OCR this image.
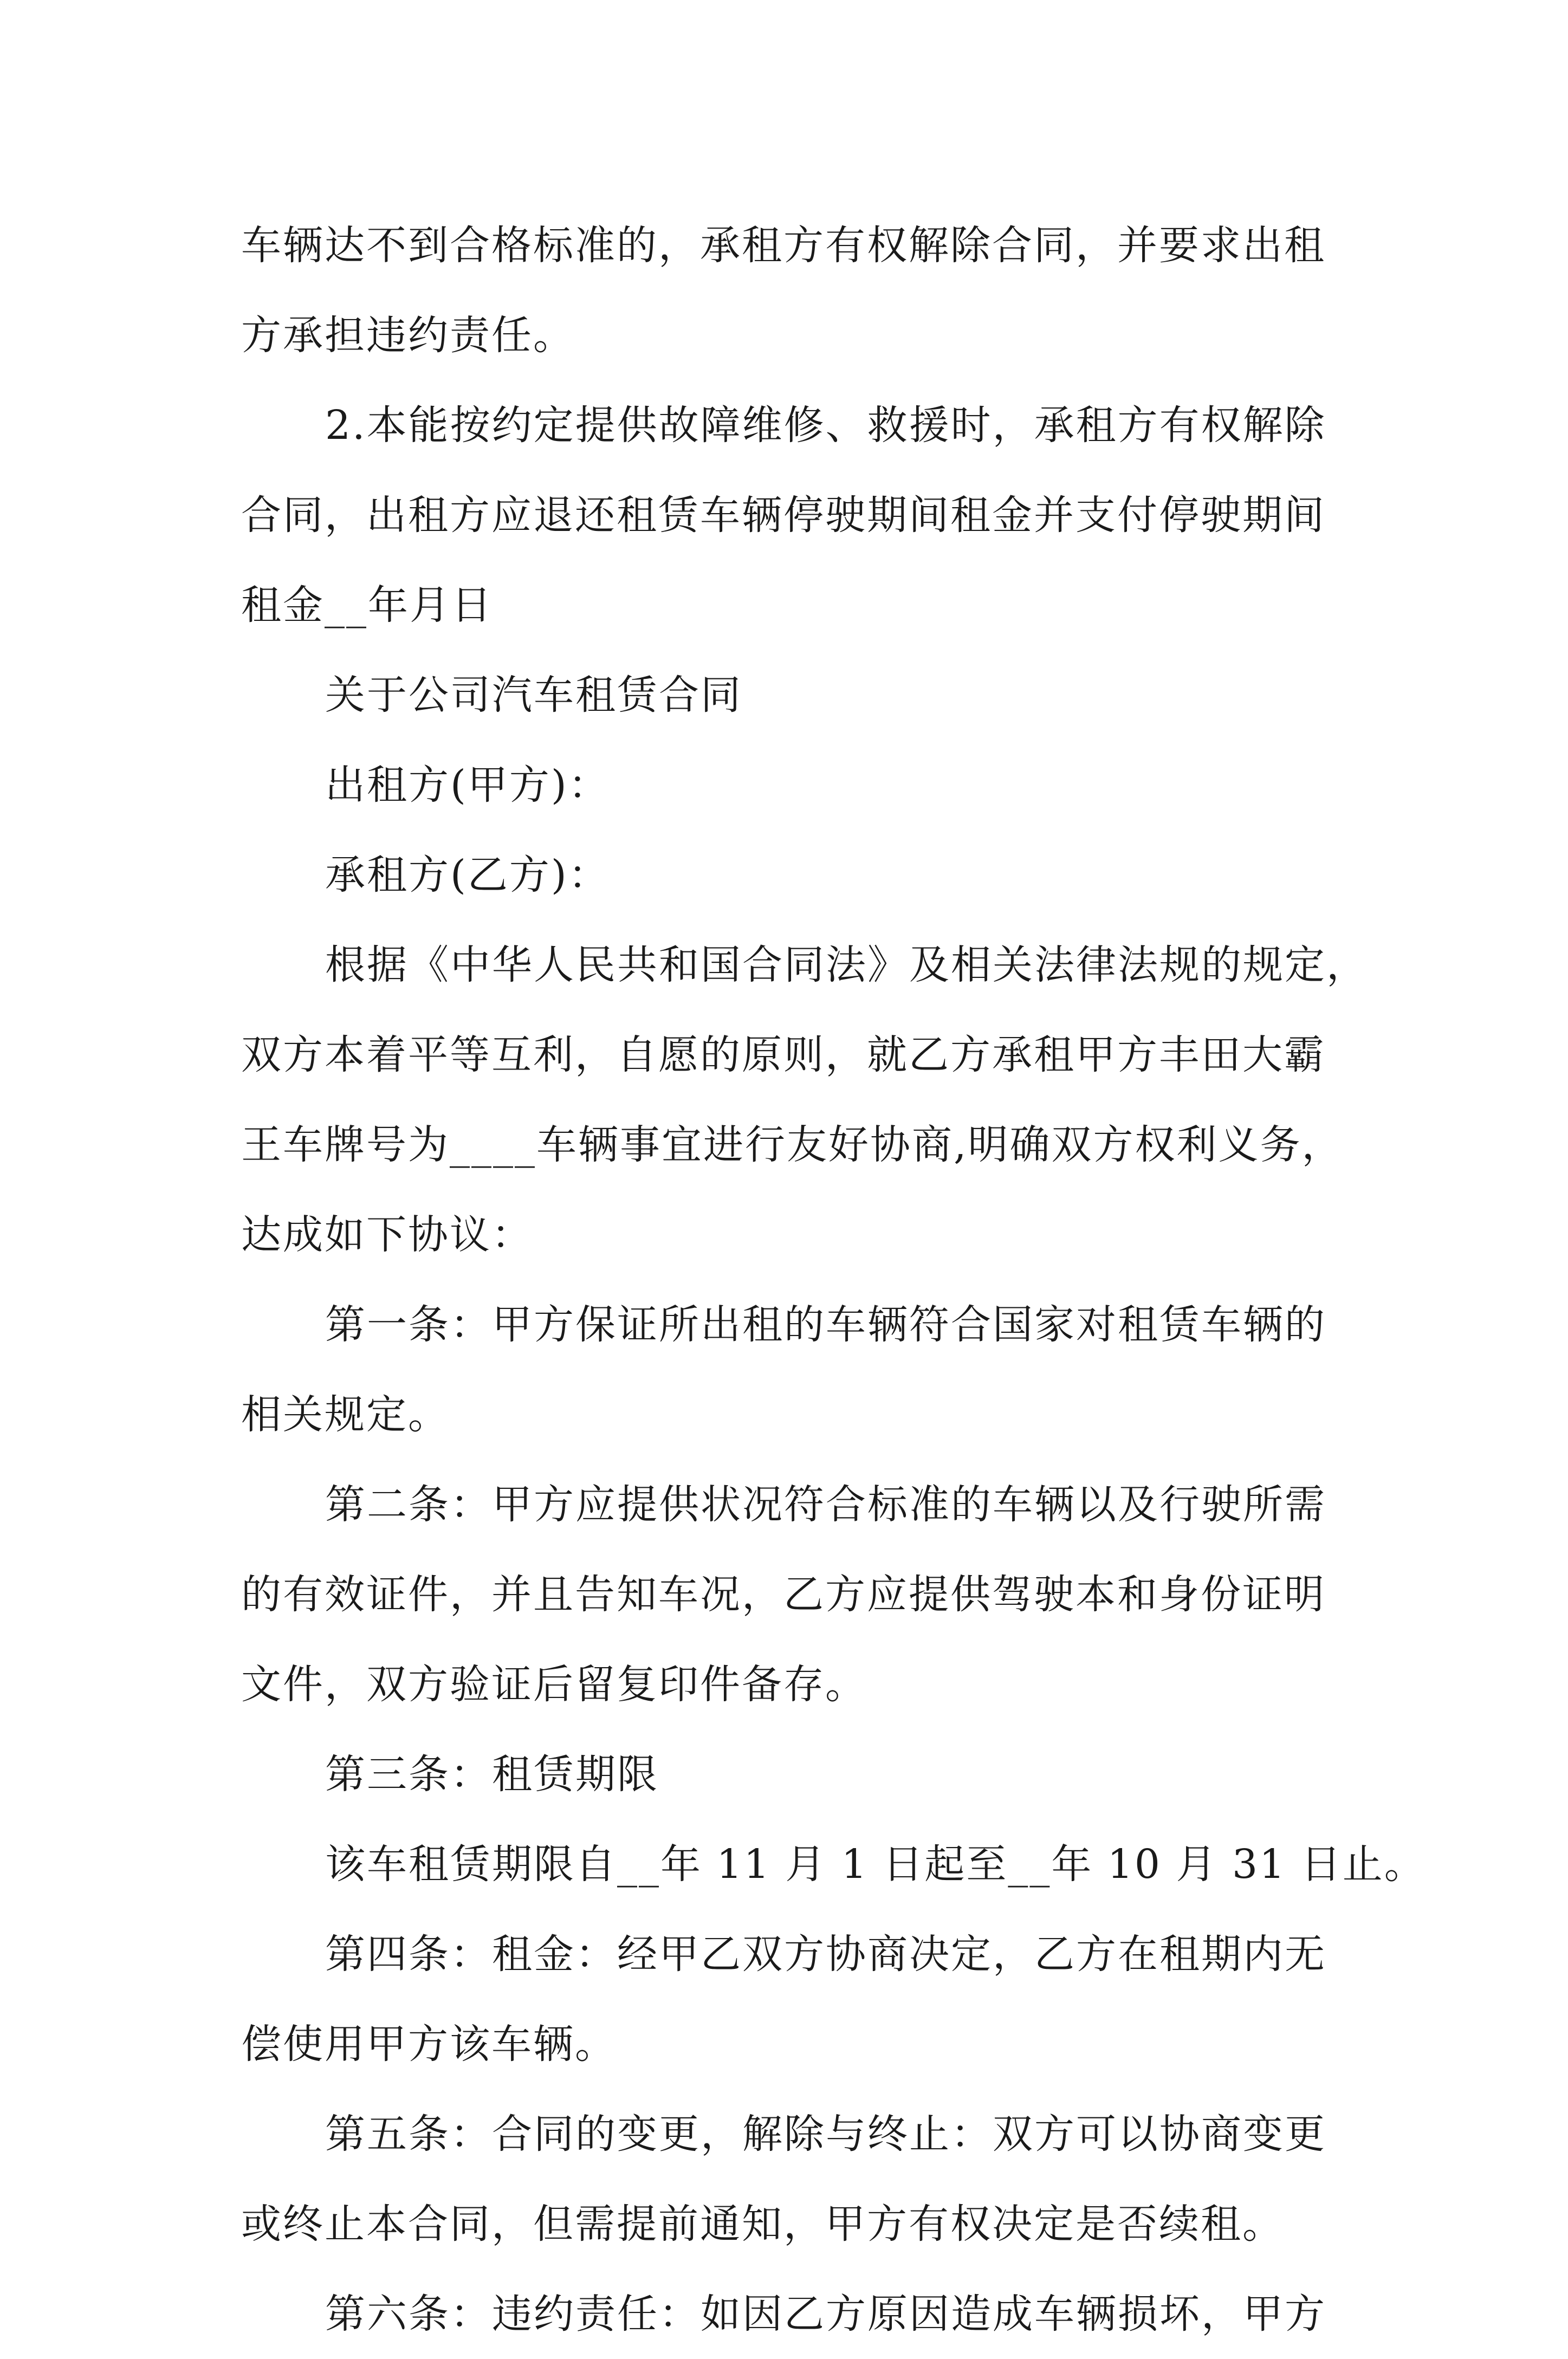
车辆达不到合格标准的，承租方有权解除合同，并要求出租
方承担违约责任。
2.本能按约定提供故障维修、救援时，承租方有权解除
合同，出租方应退还租赁车辆停驶期间租金并支付停驶期间
租金__年月日
关于公司汽车租赁合同
出租方(甲方)：
承租方(乙方)：
根据《中华人民共和国合同法》及相关法律法规的规定，
双方本着平等互利，自愿的原则，就乙方承租甲方丰田大霸
王车牌号为____车辆事宜进行友好协商,明确双方权利义务，
达成如下协议：
第一条：甲方保证所出租的车辆符合国家对租赁车辆的
相关规定。
第二条：甲方应提供状况符合标准的车辆以及行驶所需
的有效证件，并且告知车况，乙方应提供驾驶本和身份证明
文件，双方验证后留复印件备存。
第三条：租赁期限
该车租赁期限自__年 11 月 1 日起至__年 10 月 31 日止。
第四条：租金：经甲乙双方协商决定，乙方在租期内无
偿使用甲方该车辆。
第五条：合同的变更，解除与终止：双方可以协商变更
或终止本合同，但需提前通知，甲方有权决定是否续租。
第六条：违约责任：如因乙方原因造成车辆损坏，甲方
